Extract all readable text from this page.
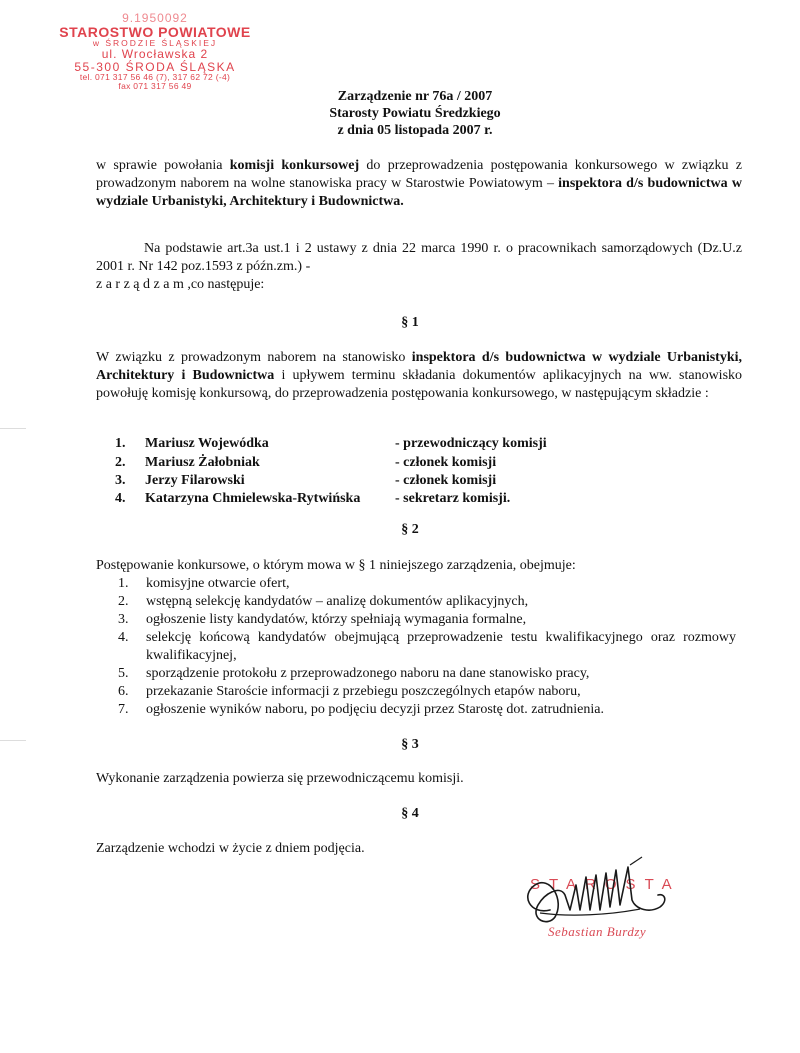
9.1950092
STAROSTWO POWIATOWE
w ŚRODZIE ŚLĄSKIEJ
ul. Wrocławska 2
55-300 ŚRODA ŚLĄSKA
tel. 071 317 56 46 (7), 317 62 72 (-4)
fax 071 317 56 49
Zarządzenie nr 76a / 2007
Starosty Powiatu Średzkiego
z dnia 05 listopada 2007 r.
w sprawie powołania komisji konkursowej do przeprowadzenia postępowania konkursowego w związku z prowadzonym naborem na wolne stanowiska pracy w Starostwie Powiatowym – inspektora d/s budownictwa w wydziale Urbanistyki, Architektury i Budownictwa.
Na podstawie art.3a ust.1 i 2 ustawy z dnia 22 marca 1990 r. o pracownikach samorządowych (Dz.U.z 2001 r. Nr 142 poz.1593 z późn.zm.) -
z a r z ą d z a m ,co następuje:
§ 1
W związku z prowadzonym naborem na stanowisko inspektora d/s budownictwa w wydziale Urbanistyki, Architektury i Budownictwa i upływem terminu składania dokumentów aplikacyjnych na ww. stanowisko powołuję komisję konkursową, do przeprowadzenia postępowania konkursowego, w następującym składzie :
1. Mariusz Wojewódka	- przewodniczący komisji
2. Mariusz Żałobniak	- członek komisji
3. Jerzy Filarowski	- członek komisji
4. Katarzyna Chmielewska-Rytwińska - sekretarz komisji.
§ 2
Postępowanie konkursowe, o którym mowa w § 1 niniejszego zarządzenia, obejmuje:
1. komisyjne otwarcie ofert,
2. wstępną selekcję kandydatów – analizę dokumentów aplikacyjnych,
3. ogłoszenie listy kandydatów, którzy spełniają wymagania formalne,
4. selekcję końcową kandydatów obejmującą przeprowadzenie testu kwalifikacyjnego oraz rozmowy kwalifikacyjnej,
5. sporządzenie protokołu z przeprowadzonego naboru na dane stanowisko pracy,
6. przekazanie Staroście informacji z przebiegu poszczególnych etapów naboru,
7. ogłoszenie wyników naboru, po podjęciu decyzji przez Starostę dot. zatrudnienia.
§ 3
Wykonanie zarządzenia powierza się przewodniczącemu komisji.
§ 4
Zarządzenie wchodzi w życie z dniem podjęcia.
STAROSTA
Sebastian Burdzy
